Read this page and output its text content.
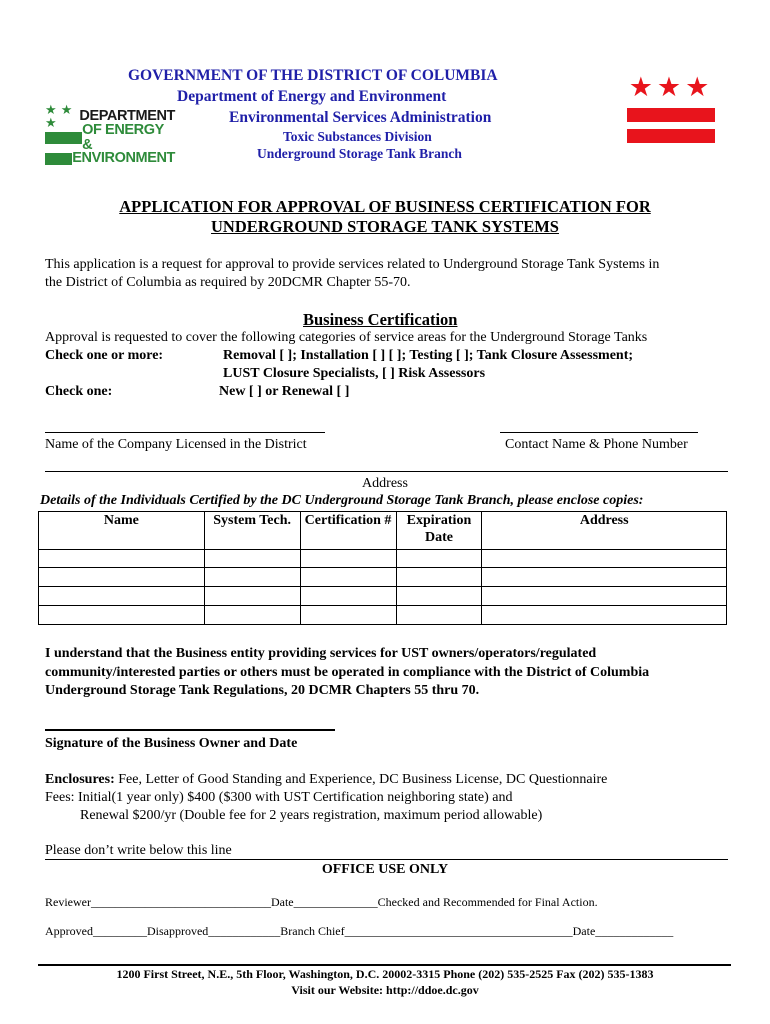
★ ★ ★	DEPARTMENT
OF ENERGY &
ENVIRONMENT
★★★
GOVERNMENT OF THE DISTRICT OF COLUMBIA
Department of Energy and Environment
Environmental Services Administration
Toxic Substances Division
Underground Storage Tank Branch
APPLICATION FOR APPROVAL OF BUSINESS CERTIFICATION FOR
UNDERGROUND STORAGE TANK SYSTEMS
This application is a request for approval to provide services related to Underground Storage Tank Systems in
the District of Columbia as required by 20DCMR Chapter 55-70.
Business Certification
Approval is requested to cover the following categories of service areas for the Underground Storage Tanks
Check one or more:	Removal [ ]; Installation [ ] [ ]; Testing [ ]; Tank Closure Assessment;
LUST Closure Specialists, [ ] Risk Assessors
Check one:	New [ ] or Renewal [ ]
Name of the Company Licensed in the District	Contact Name & Phone Number
Address
Details of the Individuals Certified by the DC Underground Storage Tank Branch, please enclose copies:
Name	System Tech.	Certification #	Expiration Date	Address

I understand that the Business entity providing services for UST owners/operators/regulated
community/interested parties or others must be operated in compliance with the District of Columbia
Underground Storage Tank Regulations, 20 DCMR Chapters 55 thru 70.
Signature of the Business Owner and Date
Enclosures: Fee, Letter of Good Standing and Experience, DC Business License, DC Questionnaire
Fees: Initial(1 year only) $400 ($300 with UST Certification neighboring state) and
Renewal $200/yr (Double fee for 2 years registration, maximum period allowable)
Please don’t write below this line
OFFICE USE ONLY
Reviewer______________________________Date______________Checked and Recommended for Final Action.
Approved_________Disapproved____________Branch Chief______________________________________Date_____________
1200 First Street, N.E., 5th Floor, Washington, D.C. 20002-3315 Phone (202) 535-2525 Fax (202) 535-1383
Visit our Website: http://ddoe.dc.gov
